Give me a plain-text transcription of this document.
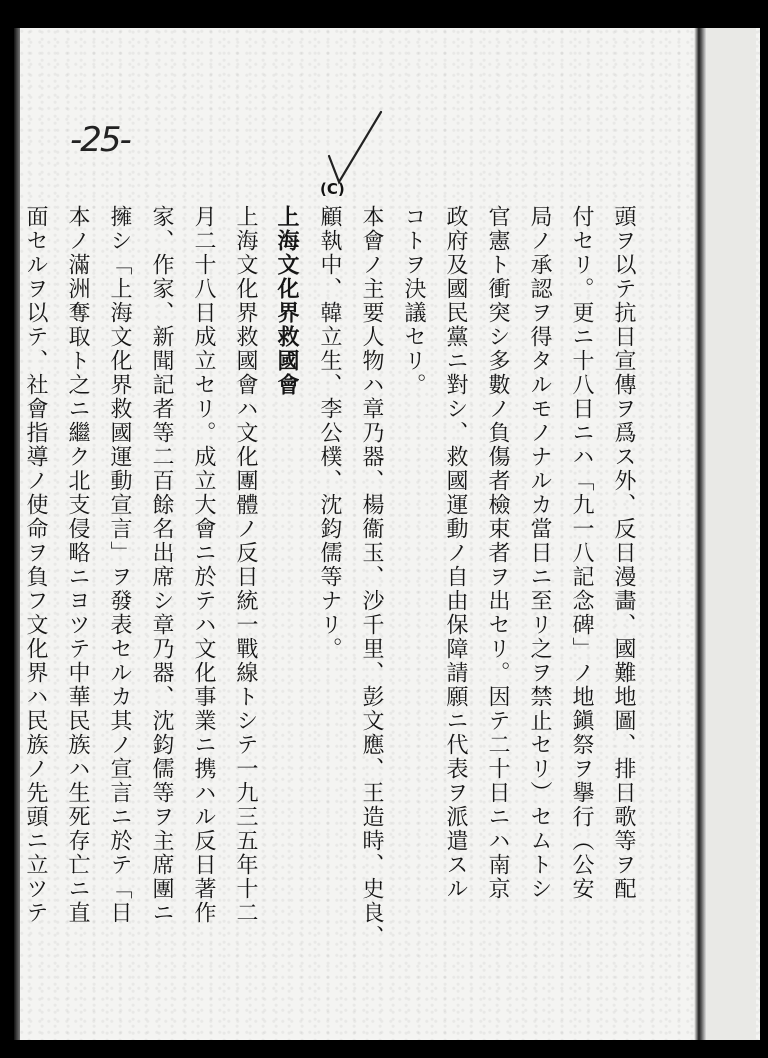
-25-
(C)
頭ヲ以テ抗日宣傳ヲ爲ス外、反日漫畵、國難地圖、排日歌等ヲ配
付セリ。更ニ十八日ニハ「九一八記念碑」ノ地鎭祭ヲ擧行（公安
局ノ承認ヲ得タルモノナルカ當日ニ至リ之ヲ禁止セリ）セムトシ
官憲ト衝突シ多數ノ負傷者檢束者ヲ出セリ。因テ二十日ニハ南京
政府及國民黨ニ對シ、救國運動ノ自由保障請願ニ代表ヲ派遣スル
コトヲ決議セリ。
本會ノ主要人物ハ章乃器、楊衞玉、沙千里、彭文應、王造時、史良、
顧執中、韓立生、李公樸、沈鈞儒等ナリ。
上海文化界救國會
上海文化界救國會ハ文化團體ノ反日統一戰線トシテ一九三五年十二
月二十八日成立セリ。成立大會ニ於テハ文化事業ニ携ハル反日著作
家、作家、新聞記者等二百餘名出席シ章乃器、沈鈞儒等ヲ主席團ニ
擁シ「上海文化界救國運動宣言」ヲ發表セルカ其ノ宣言ニ於テ「日
本ノ滿洲奪取ト之ニ繼ク北支侵略ニヨツテ中華民族ハ生死存亡ニ直
面セルヲ以テ、社會指導ノ使命ヲ負フ文化界ハ民族ノ先頭ニ立ツテ
